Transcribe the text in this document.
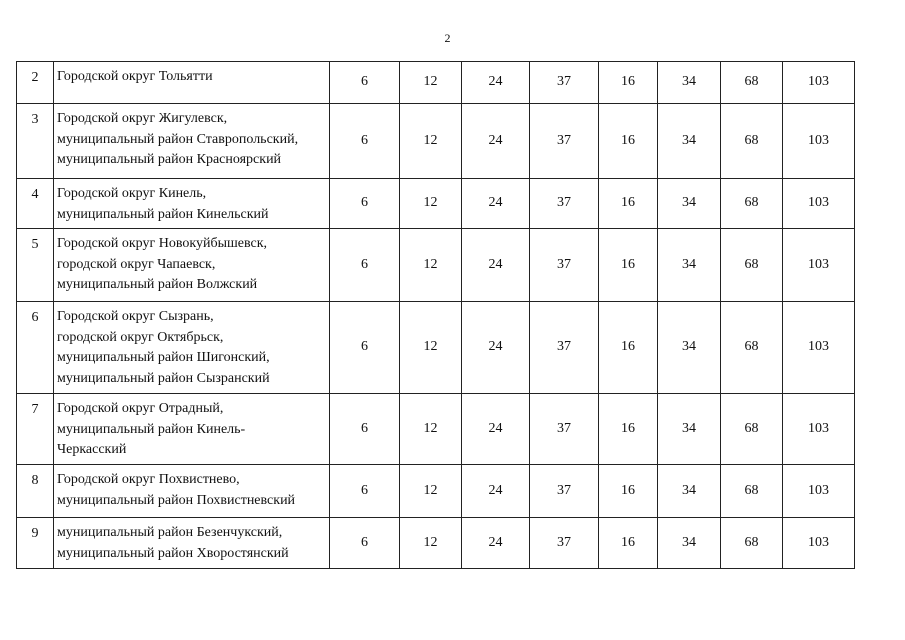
2
2	Городской округ Тольятти	6	12	24	37	16	34	68	103
3	Городской округ Жигулевск,
муниципальный район Ставропольский,
муниципальный район Красноярский	6	12	24	37	16	34	68	103
4	Городской округ Кинель,
муниципальный район Кинельский	6	12	24	37	16	34	68	103
5	Городской округ Новокуйбышевск,
городской округ Чапаевск,
муниципальный район Волжский	6	12	24	37	16	34	68	103
6	Городской округ Сызрань,
городской округ Октябрьск,
муниципальный район Шигонский,
муниципальный район Сызранский	6	12	24	37	16	34	68	103
7	Городской округ Отрадный,
муниципальный район Кинель-
Черкасский	6	12	24	37	16	34	68	103
8	Городской округ Похвистнево,
муниципальный район Похвистневский	6	12	24	37	16	34	68	103
9	муниципальный район Безенчукский,
муниципальный район Хворостянский	6	12	24	37	16	34	68	103
